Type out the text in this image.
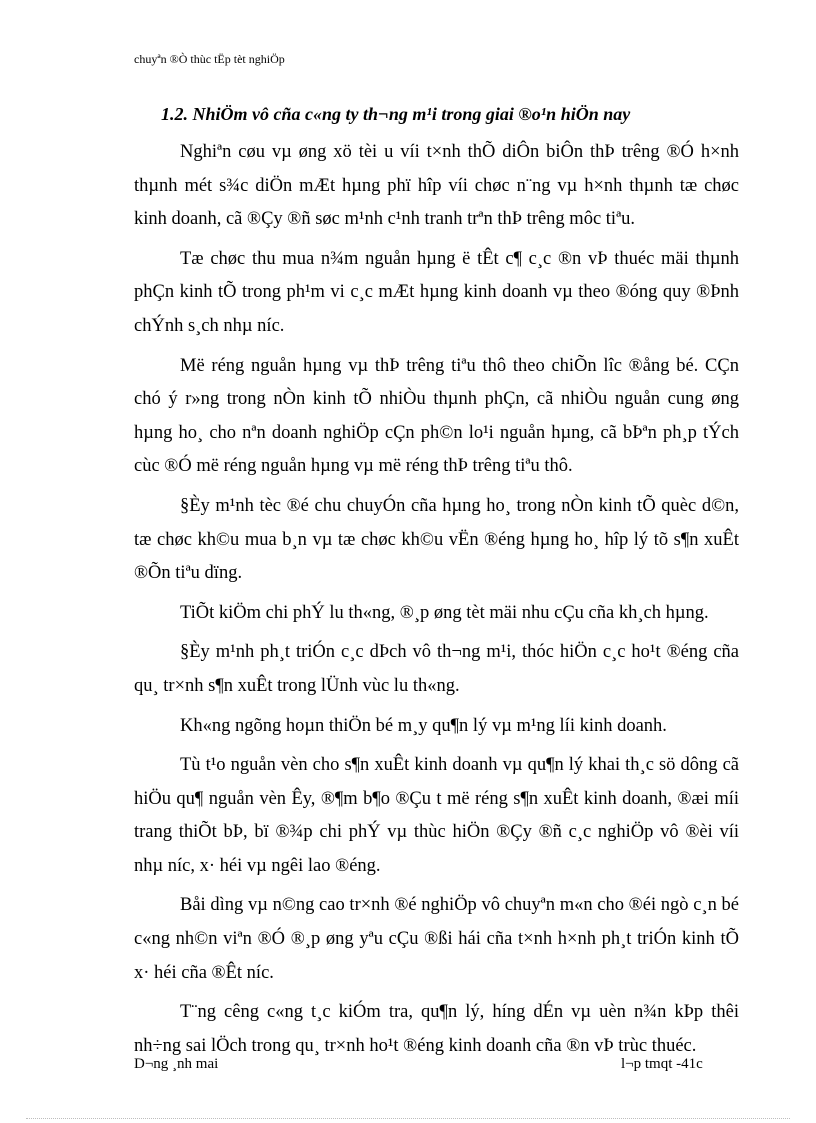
chuyªn ®Ò thùc tËp tèt nghiÖp
1.2. NhiÖm vô cña c«ng ty th¬ng m¹i trong giai ®o¹n hiÖn nay

Nghiªn cøu vµ øng xö tèi u víi t×nh thÕ diÔn biÔn thÞ trêng ®Ó h×nh thµnh mét s¾c diÖn mÆt hµng phï hîp víi chøc n¨ng vµ h×nh thµnh tæ chøc kinh doanh, cã ®Çy ®ñ søc m¹nh c¹nh tranh trªn thÞ trêng môc tiªu.

Tæ chøc thu mua n¾m nguån hµng ë tÊt c¶ c¸c ®n vÞ thuéc mäi thµnh phÇn kinh tÕ trong ph¹m vi c¸c mÆt hµng kinh doanh vµ theo ®óng quy ®Þnh chÝnh s¸ch nhµ níc.

Më réng nguån hµng vµ thÞ trêng tiªu thô theo chiÕn lîc ®ång bé. CÇn chó ý r»ng trong nÒn kinh tÕ nhiÒu thµnh phÇn, cã nhiÒu nguån cung øng hµng ho¸ cho nªn doanh nghiÖp cÇn ph©n lo¹i nguån hµng, cã bÞªn ph¸p tÝch cùc ®Ó më réng nguån hµng vµ më réng thÞ trêng tiªu thô.

§Èy m¹nh tèc ®é chu chuyÓn cña hµng ho¸ trong nÒn kinh tÕ quèc d©n, tæ chøc kh©u mua b¸n vµ tæ chøc kh©u vËn ®éng hµng ho¸ hîp lý tõ s¶n xuÊt ®Õn tiªu dïng.

TiÕt kiÖm chi phÝ lu th«ng, ®¸p øng tèt mäi nhu cÇu cña kh¸ch hµng.

§Èy m¹nh ph¸t triÓn c¸c dÞch vô th¬ng m¹i, thóc hiÖn c¸c ho¹t ®éng cña qu¸ tr×nh s¶n xuÊt trong lÜnh vùc lu th«ng.

Kh«ng ngõng hoµn thiÖn bé m¸y qu¶n lý vµ m¹ng líi kinh doanh.

Tù t¹o nguån vèn cho s¶n xuÊt kinh doanh vµ qu¶n lý khai th¸c sö dông cã hiÖu qu¶ nguån vèn Êy, ®¶m b¶o ®Çu t më réng s¶n xuÊt kinh doanh, ®æi míi trang thiÕt bÞ, bï ®¾p chi phÝ vµ thùc hiÖn ®Çy ®ñ c¸c nghiÖp vô ®èi víi nhµ níc, x· héi vµ ngêi lao ®éng.

Båi dìng vµ n©ng cao tr×nh ®é nghiÖp vô chuyªn m«n cho ®éi ngò c¸n bé c«ng nh©n viªn ®Ó ®¸p øng yªu cÇu ®ßi hái cña t×nh h×nh ph¸t triÓn kinh tÕ x· héi cña ®Êt níc.

T¨ng cêng c«ng t¸c kiÓm tra, qu¶n lý, híng dÉn vµ uèn n¾n kÞp thêi nh÷ng sai lÖch trong qu¸ tr×nh ho¹t ®éng kinh doanh cña ®n vÞ trùc thuéc.

D¬ng ¸nh mai	l¬p tmqt -41c
